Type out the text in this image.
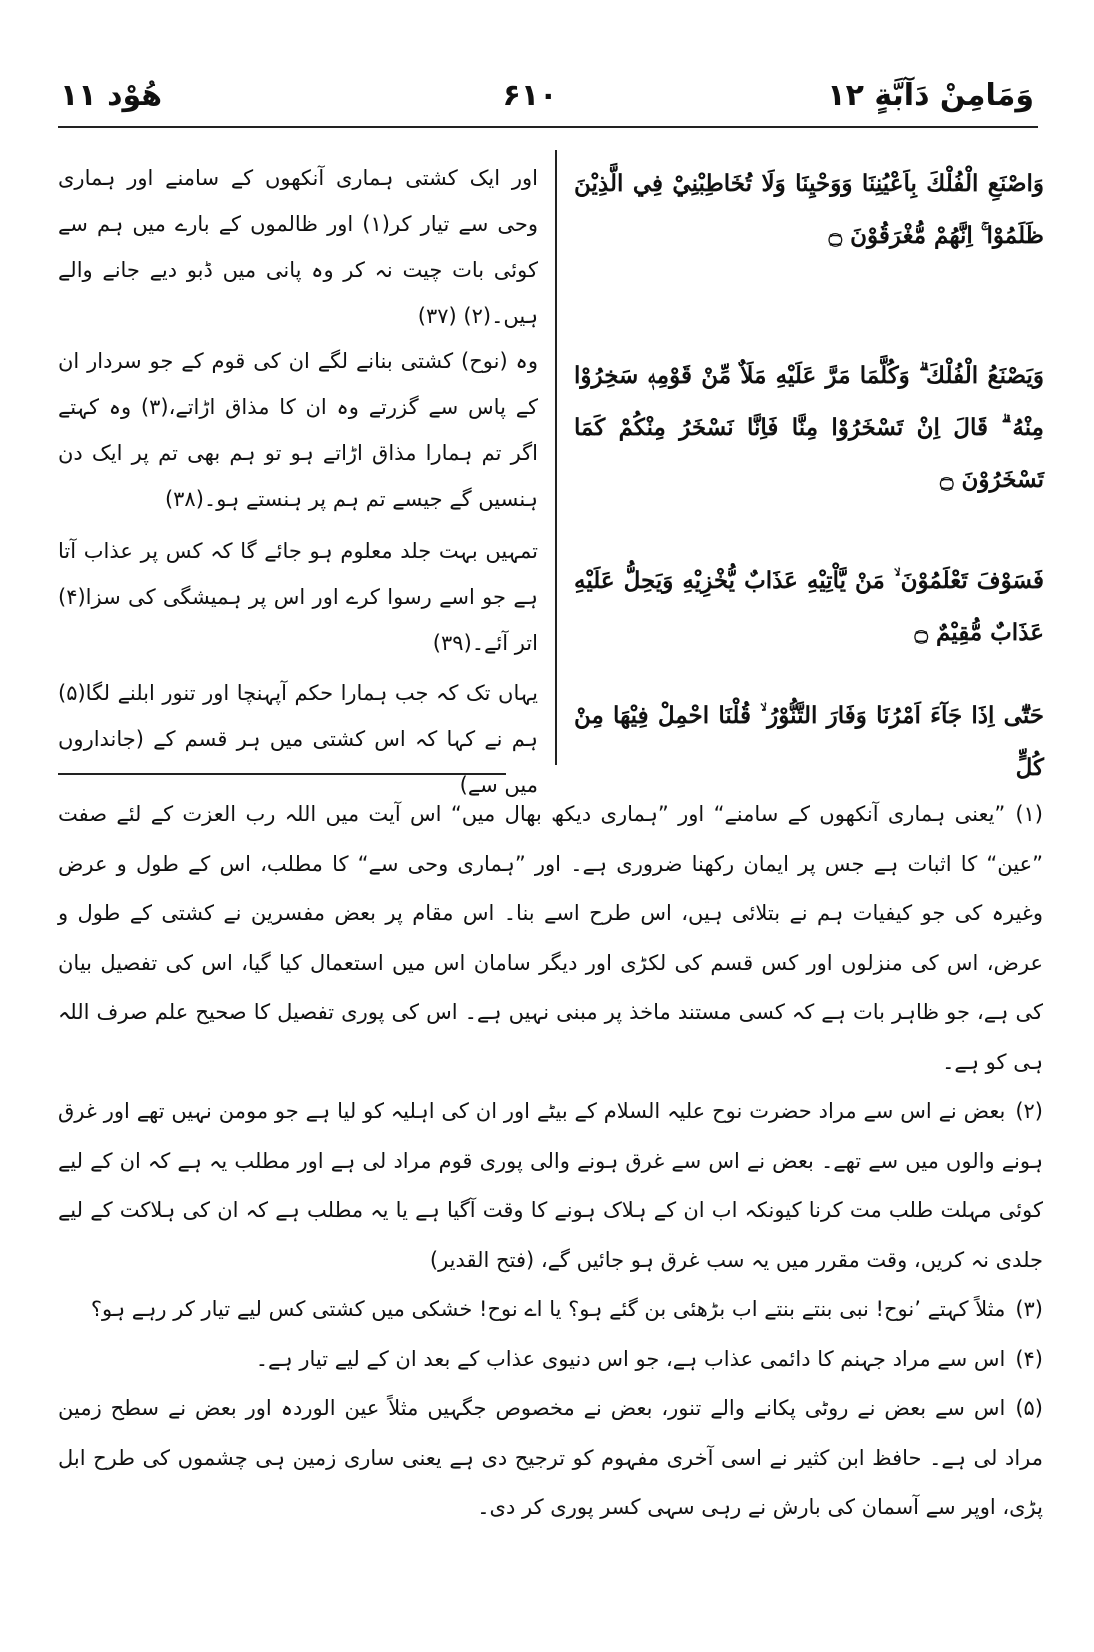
ھُوْد ۱۱	۶۱۰	وَمَامِنْ دَآبَّةٍ ۱۲
وَاصْنَعِ الْفُلْكَ بِاَعْيُنِنَا وَوَحْيِنَا وَلَا تُخَاطِبْنِيْ فِي الَّذِيْنَ ظَلَمُوْا ۚ اِنَّهُمْ مُّغْرَقُوْنَ ۝
اور ایک کشتی ہماری آنکھوں کے سامنے اور ہماری وحی سے تیار کر(۱) اور ظالموں کے بارے میں ہم سے کوئی بات چیت نہ کر وہ پانی میں ڈبو دیے جانے والے ہیں۔(۲) (۳۷)
وَيَصْنَعُ الْفُلْكَ ۗ وَكُلَّمَا مَرَّ عَلَيْهِ مَلَاٌ مِّنْ قَوْمِهٖ سَخِرُوْا مِنْهُ ۗ قَالَ اِنْ تَسْخَرُوْا مِنَّا فَاِنَّا نَسْخَرُ مِنْكُمْ كَمَا تَسْخَرُوْنَ ۝
وہ (نوح) کشتی بنانے لگے ان کی قوم کے جو سردار ان کے پاس سے گزرتے وہ ان کا مذاق اڑاتے،(۳) وہ کہتے اگر تم ہمارا مذاق اڑاتے ہو تو ہم بھی تم پر ایک دن ہنسیں گے جیسے تم ہم پر ہنستے ہو۔(۳۸)
فَسَوْفَ تَعْلَمُوْنَ ۙ مَنْ يَّاْتِيْهِ عَذَابٌ يُّخْزِيْهِ وَيَحِلُّ عَلَيْهِ عَذَابٌ مُّقِيْمٌ ۝
تمہیں بہت جلد معلوم ہو جائے گا کہ کس پر عذاب آتا ہے جو اسے رسوا کرے اور اس پر ہمیشگی کی سزا(۴) اتر آئے۔(۳۹)
حَتّٰٓى اِذَا جَآءَ اَمْرُنَا وَفَارَ التَّنُّوْرُ ۙ قُلْنَا احْمِلْ فِيْهَا مِنْ كُلٍّ
یہاں تک کہ جب ہمارا حکم آپہنچا اور تنور ابلنے لگا(۵) ہم نے کہا کہ اس کشتی میں ہر قسم کے (جانداروں میں سے)

(۱)”یعنی ہماری آنکھوں کے سامنے“ اور ”ہماری دیکھ بھال میں“ اس آیت میں اللہ رب العزت کے لئے صفت ”عین“ کا اثبات ہے جس پر ایمان رکھنا ضروری ہے۔ اور ”ہماری وحی سے“ کا مطلب، اس کے طول و عرض وغیرہ کی جو کیفیات ہم نے بتلائی ہیں، اس طرح اسے بنا۔ اس مقام پر بعض مفسرین نے کشتی کے طول و عرض، اس کی منزلوں اور کس قسم کی لکڑی اور دیگر سامان اس میں استعمال کیا گیا، اس کی تفصیل بیان کی ہے، جو ظاہر بات ہے کہ کسی مستند ماخذ پر مبنی نہیں ہے۔ اس کی پوری تفصیل کا صحیح علم صرف اللہ ہی کو ہے۔

(۲)بعض نے اس سے مراد حضرت نوح علیہ السلام کے بیٹے اور ان کی اہلیہ کو لیا ہے جو مومن نہیں تھے اور غرق ہونے والوں میں سے تھے۔ بعض نے اس سے غرق ہونے والی پوری قوم مراد لی ہے اور مطلب یہ ہے کہ ان کے لیے کوئی مہلت طلب مت کرنا کیونکہ اب ان کے ہلاک ہونے کا وقت آگیا ہے یا یہ مطلب ہے کہ ان کی ہلاکت کے لیے جلدی نہ کریں، وقت مقرر میں یہ سب غرق ہو جائیں گے، (فتح القدیر)

(۳)مثلاً کہتے ’نوح! نبی بنتے بنتے اب بڑھئی بن گئے ہو؟ یا اے نوح! خشکی میں کشتی کس لیے تیار کر رہے ہو؟

(۴)اس سے مراد جہنم کا دائمی عذاب ہے، جو اس دنیوی عذاب کے بعد ان کے لیے تیار ہے۔

(۵)اس سے بعض نے روٹی پکانے والے تنور، بعض نے مخصوص جگہیں مثلاً عین الوردہ اور بعض نے سطح زمین مراد لی ہے۔ حافظ ابن کثیر نے اسی آخری مفہوم کو ترجیح دی ہے یعنی ساری زمین ہی چشموں کی طرح ابل پڑی، اوپر سے آسمان کی بارش نے رہی سہی کسر پوری کر دی۔
